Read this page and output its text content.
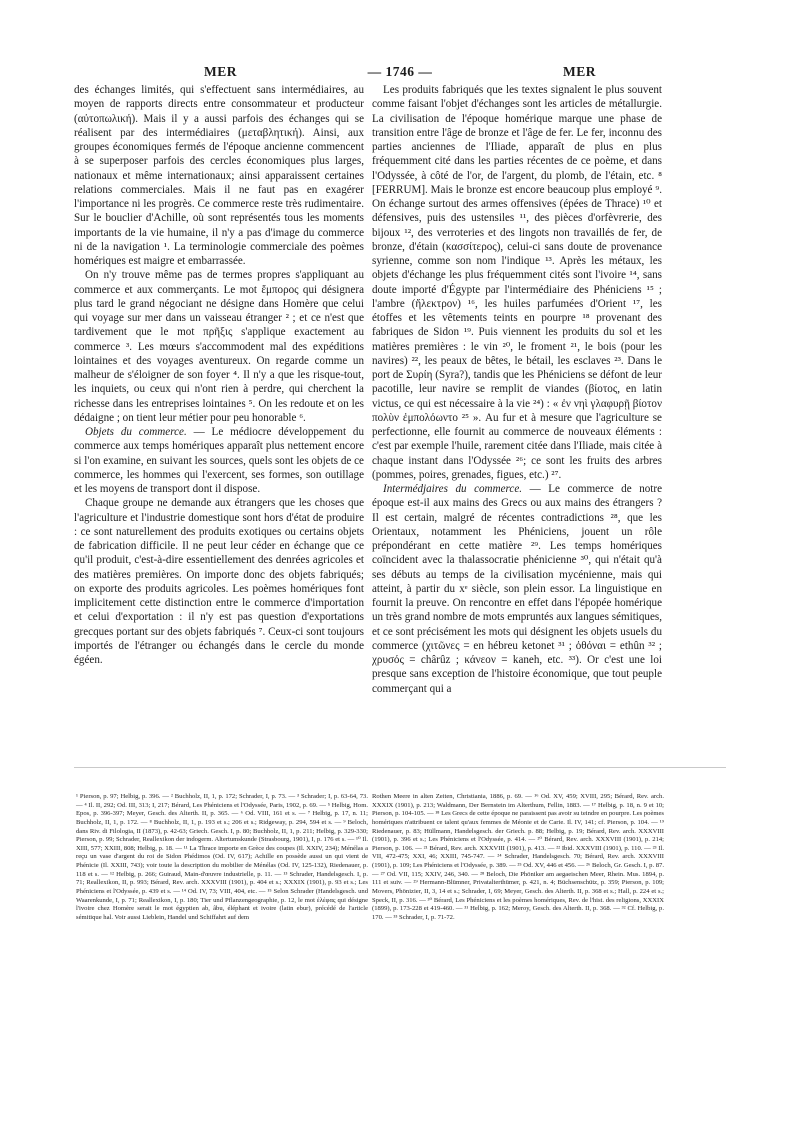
MER	— 1746 —	MER

des échanges limités, qui s'effectuent sans intermédiaires, au moyen de rapports directs entre consommateur et producteur (αὐτοπωλική). Mais il y a aussi parfois des échanges qui se réalisent par des intermédiaires (μεταβλητική). Ainsi, aux groupes économiques fermés de l'époque ancienne commencent à se superposer parfois des cercles économiques plus larges, nationaux et même internationaux; ainsi apparaissent certaines relations commerciales. Mais il ne faut pas en exagérer l'importance ni les progrès. Ce commerce reste très rudimentaire. Sur le bouclier d'Achille, où sont représentés tous les moments importants de la vie humaine, il n'y a pas d'image du commerce ni de la navigation ¹. La terminologie commerciale des poèmes homériques est maigre et embarrassée.

On n'y trouve même pas de termes propres s'appliquant au commerce et aux commerçants. Le mot ἔμπορος qui désignera plus tard le grand négociant ne désigne dans Homère que celui qui voyage sur mer dans un vaisseau étranger ² ; et ce n'est que tardivement que le mot πρῆξις s'applique exactement au commerce ³. Les mœurs s'accommodent mal des expéditions lointaines et des voyages aventureux. On regarde comme un malheur de s'éloigner de son foyer ⁴. Il n'y a que les risque-tout, les inquiets, ou ceux qui n'ont rien à perdre, qui cherchent la richesse dans les entreprises lointaines ⁵. On les redoute et on les dédaigne ; on tient leur métier pour peu honorable ⁶.

Objets du commerce. — Le médiocre développement du commerce aux temps homériques apparaît plus nettement encore si l'on examine, en suivant les sources, quels sont les objets de ce commerce, les hommes qui l'exercent, ses formes, son outillage et les moyens de transport dont il dispose.

Chaque groupe ne demande aux étrangers que les choses que l'agriculture et l'industrie domestique sont hors d'état de produire : ce sont naturellement des produits exotiques ou certains objets de fabrication difficile. Il ne peut leur céder en échange que ce qu'il produit, c'est-à-dire essentiellement des denrées agricoles et des matières premières. On importe donc des objets fabriqués; on exporte des produits agricoles. Les poèmes homériques font implicitement cette distinction entre le commerce d'importation et celui d'exportation : il n'y est pas question d'exportations grecques portant sur des objets fabriqués ⁷. Ceux-ci sont toujours importés de l'étranger ou échangés dans le cercle du monde égéen.

Les produits fabriqués que les textes signalent le plus souvent comme faisant l'objet d'échanges sont les articles de métallurgie. La civilisation de l'époque homérique marque une phase de transition entre l'âge de bronze et l'âge de fer. Le fer, inconnu des parties anciennes de l'Iliade, apparaît de plus en plus fréquemment cité dans les parties récentes de ce poème, et dans l'Odyssée, à côté de l'or, de l'argent, du plomb, de l'étain, etc. ⁸ [FERRUM]. Mais le bronze est encore beaucoup plus employé ⁹. On échange surtout des armes offensives (épées de Thrace) ¹⁰ et défensives, puis des ustensiles ¹¹, des pièces d'orfèvrerie, des bijoux ¹², des verroteries et des lingots non travaillés de fer, de bronze, d'étain (κασσίτερος), celui-ci sans doute de provenance syrienne, comme son nom l'indique ¹³. Après les métaux, les objets d'échange les plus fréquemment cités sont l'ivoire ¹⁴, sans doute importé d'Égypte par l'intermédiaire des Phéniciens ¹⁵ ; l'ambre (ἤλεκτρον) ¹⁶, les huiles parfumées d'Orient ¹⁷, les étoffes et les vêtements teints en pourpre ¹⁸ provenant des fabriques de Sidon ¹⁹. Puis viennent les produits du sol et les matières premières : le vin ²⁰, le froment ²¹, le bois (pour les navires) ²², les peaux de bêtes, le bétail, les esclaves ²³. Dans le port de Συρίη (Syra?), tandis que les Phéniciens se défont de leur pacotille, leur navire se remplit de viandes (βίοτος, en latin victus, ce qui est nécessaire à la vie ²⁴) : « ἐν νηὶ γλαφυρῇ βίοτον πολὺν ἐμπολόωντο ²⁵ ». Au fur et à mesure que l'agriculture se perfectionne, elle fournit au commerce de nouveaux éléments : c'est par exemple l'huile, rarement citée dans l'Iliade, mais citée à chaque instant dans l'Odyssée ²⁶; ce sont les fruits des arbres (pommes, poires, grenades, figues, etc.) ²⁷.

Intermédjaires du commerce. — Le commerce de notre époque est-il aux mains des Grecs ou aux mains des étrangers ? Il est certain, malgré de récentes contradictions ²⁸, que les Orientaux, notamment les Phéniciens, jouent un rôle prépondérant en cette matière ²⁹. Les temps homériques coïncident avec la thalassocratie phénicienne ³⁰, qui n'était qu'à ses débuts au temps de la civilisation mycénienne, mais qui atteint, à partir du xᵉ siècle, son plein essor. La linguistique en fournit la preuve. On rencontre en effet dans l'épopée homérique un très grand nombre de mots empruntés aux langues sémitiques, et ce sont précisément les mots qui désignent les objets usuels du commerce (χιτῶνες = en hébreu ketonet ³¹ ; ὀθόναι = ethûn ³² ; χρυσός = chârûz ; κάνεον = kaneh, etc. ³³). Or c'est une loi presque sans exception de l'histoire économique, que tout peuple commerçant qui a

¹ Pierson, p. 97; Helbig, p. 396. — ² Buchholz, II, 1, p. 172; Schrader, I, p. 73. — ³ Schrader; I, p. 63-64, 73. — ⁴ Il. II, 292; Od. III, 313; I, 217; Bérard, Les Phéniciens et l'Odyssée, Paris, 1902, p. 69. — ⁵ Helbig, Hom. Epos, p. 396-397; Meyer, Gesch. des Alterth. II, p. 365. — ⁶ Od. VIII, 161 et s. — ⁷ Helbig, p. 17, n. 11; Buchholz, II, 1, p. 172. — ⁸ Buchholz, II, 1, p. 193 et s.; 206 et s.; Ridgeway, p. 294, 594 et s. — ⁹ Beloch, dans Riv. di Filologia, II (1873), p. 42-63; Griech. Gesch. I, p. 80; Buchholz, II, 1, p. 211; Helbig, p. 329-330; Pierson, p. 99; Schrader, Reallexikon der indogerm. Altertumskunde (Strasbourg, 1901), I, p. 176 et s. — ¹⁰ Il. XIII, 577; XXIII, 808; Helbig, p. 18. — ¹¹ La Thrace importe en Grèce des coupes (Il. XXIV, 234); Ménélas a reçu un vase d'argent du roi de Sidon Phédimos (Od. IV, 617); Achille en possède aussi un qui vient de Phénicie (Il. XXIII, 743); voir toute la description du mobilier de Ménélas (Od. IV, 125-132), Riedenauer, p. 118 et s. — ¹² Helbig, p. 266; Guiraud, Main-d'œuvre industrielle, p. 11. — ¹³ Schrader, Handelsgesch. I, p. 71; Reallexikon, II, p. 993; Bérard, Rev. arch. XXXVIII (1901), p. 404 et s.; XXXIX (1901), p. 93 et s.; Les Phéniciens et l'Odyssée, p. 439 et s. — ¹⁴ Od. IV, 73; VIII, 404, etc. — ¹⁵ Selon Schrader (Handelsgesch. und Waarenkunde, I, p. 71; Reallexikon, I, p. 180; Tier und Pflanzengeographie, p. 12, le mot ἐλέφας qui désigne l'ivoire chez Homère serait le mot égyptien ab, âbu, éléphant et ivoire (latin ebur), précédé de l'article sémitique hal. Voir aussi Lieblein, Handel und Schiffahrt auf dem

Rothen Meere in alten Zeiten, Christiania, 1886, p. 69. — ¹⁶ Od. XV, 459; XVIII, 295; Bérard, Rev. arch. XXXIX (1901), p. 213; Waldmann, Der Bernstein im Alterthum, Fellin, 1883. — ¹⁷ Helbig, p. 18, n. 9 et 10; Pierson, p. 104-105. — ¹⁸ Les Grecs de cette époque ne paraissent pas avoir su teindre en pourpre. Les poèmes homériques n'attribuent ce talent qu'aux femmes de Méonie et de Carie. Il. IV, 141; cf. Pierson, p. 104. — ¹⁹ Riedenauer, p. 83; Hüllmann, Handelsgesch. der Griech. p. 88; Helbig, p. 19; Bérard, Rev. arch. XXXVIII (1901), p. 396 et s.; Les Phéniciens et l'Odyssée, p. 414. — ²⁰ Bérard, Rev. arch. XXXVIII (1901), p. 214; Pierson, p. 106. — ²¹ Bérard, Rev. arch. XXXVIII (1901), p. 413. — ²² Ibid. XXXVIII (1901), p. 110. — ²³ Il. VII, 472-475; XXI, 46; XXIII, 745-747. — ²⁴ Schrader, Handelsgesch. 70; Bérard, Rev. arch. XXXVIII (1901), p. 109; Les Phéniciens et l'Odyssée, p. 389. — ²⁵ Od. XV, 446 et 456. — ²⁶ Beloch, Gr. Gesch. I, p. 87. — ²⁷ Od. VII, 115; XXIV, 246, 340. — ²⁸ Beloch, Die Phöniker am aegaeischen Meer, Rhein. Mus. 1894, p. 111 et suiv. — ²⁹ Hermann-Blümner, Privatalterthümer, p. 421, n. 4; Büchsenschütz, p. 359; Pierson, p. 109; Movers, Phönizier, II, 3, 14 et s.; Schrader, I, 69; Meyer, Gesch. des Alterth. II, p. 368 et s.; Hall, p. 224 et s.; Speck, II, p. 316. — ³⁰ Bérard, Les Phéniciens et les poèmes homériques, Rev. de l'hist. des religions, XXXIX (1899), p. 173-228 et 419-460. — ³¹ Helbig, p. 162; Meroy, Gesch. des Alterth. II, p. 368. — ³² Cf. Helbig, p. 170. — ³³ Schrader, I, p. 71-72.
